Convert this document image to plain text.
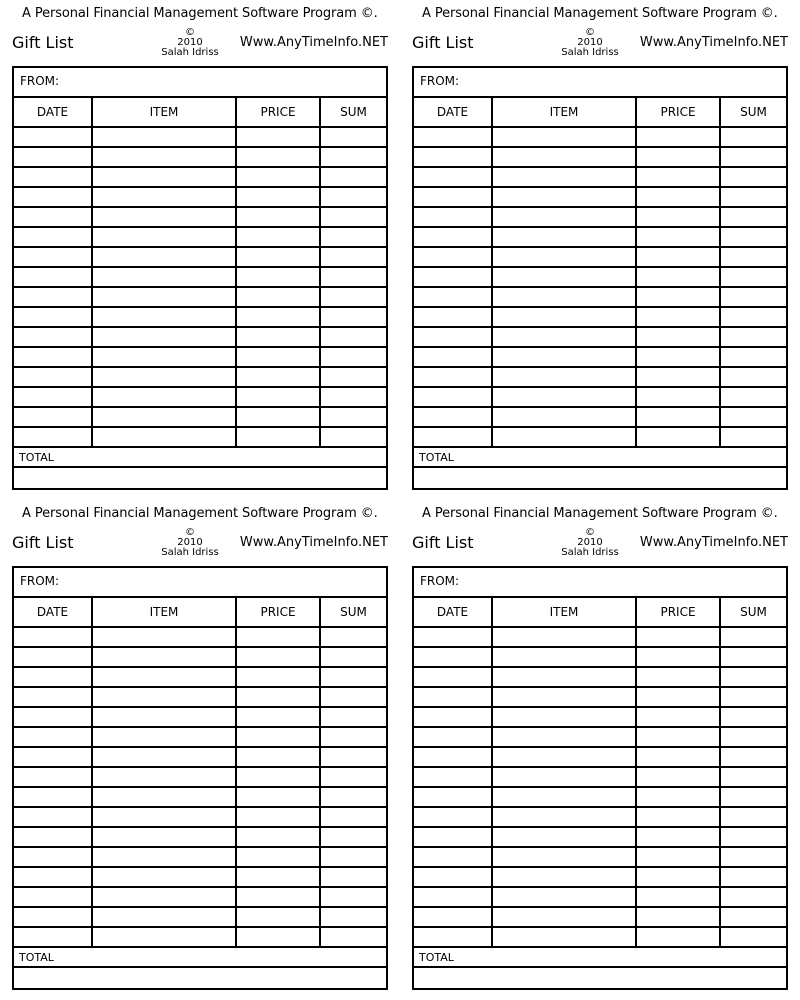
A Personal Financial Management Software Program ©.
Gift List
©
2010
Salah Idriss
Www.AnyTimeInfo.NET
FROM:
DATE	ITEM	PRICE	SUM

TOTAL
A Personal Financial Management Software Program ©.
Gift List
©
2010
Salah Idriss
Www.AnyTimeInfo.NET
FROM:
DATE	ITEM	PRICE	SUM

TOTAL
A Personal Financial Management Software Program ©.
Gift List
©
2010
Salah Idriss
Www.AnyTimeInfo.NET
FROM:
DATE	ITEM	PRICE	SUM

TOTAL
A Personal Financial Management Software Program ©.
Gift List
©
2010
Salah Idriss
Www.AnyTimeInfo.NET
FROM:
DATE	ITEM	PRICE	SUM

TOTAL
